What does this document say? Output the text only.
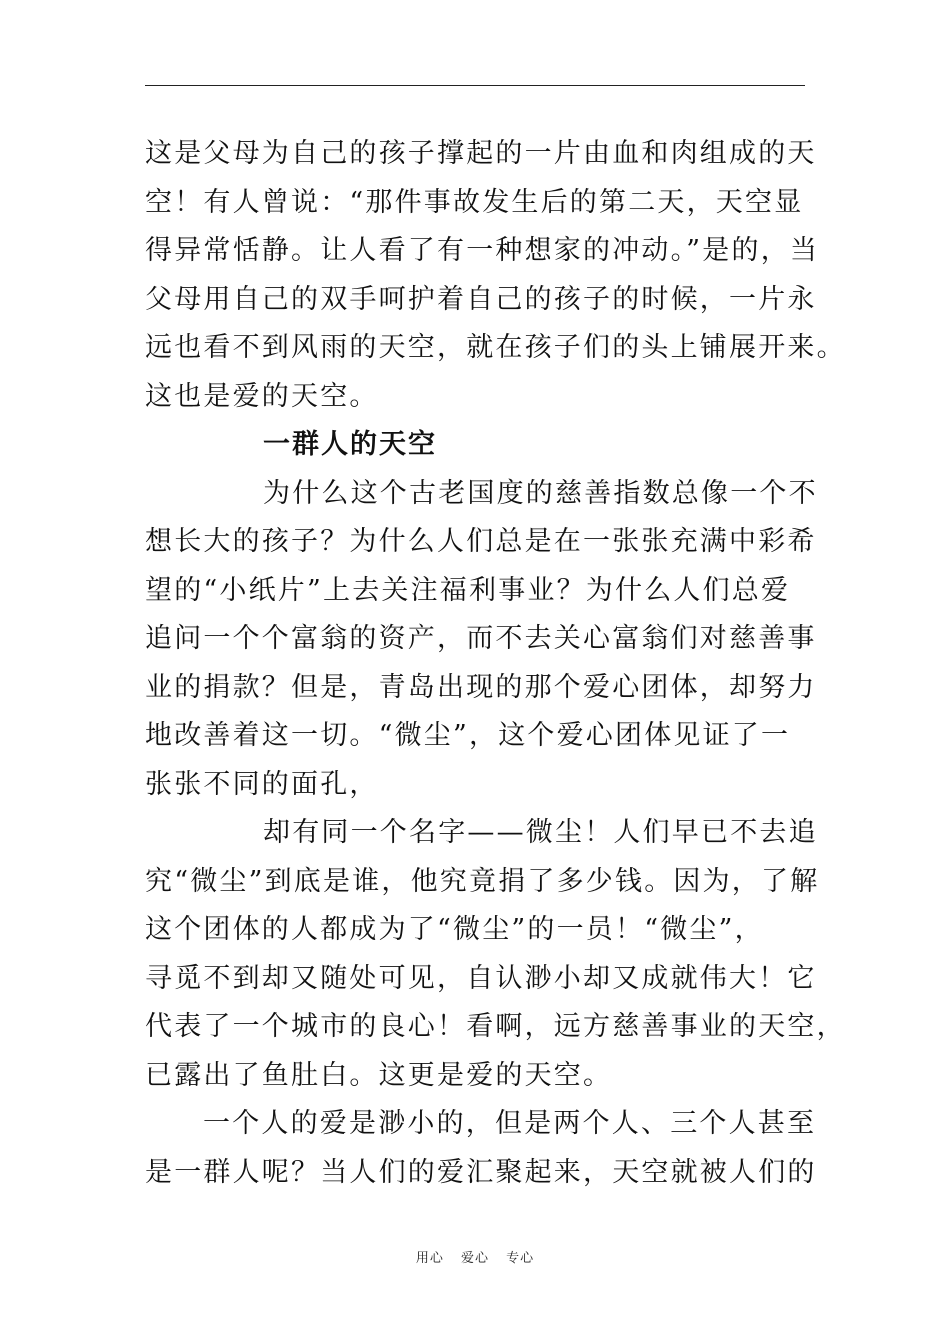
这是父母为自己的孩子撑起的一片由血和肉组成的天
空！有人曾说：“那件事故发生后的第二天，天空显
得异常恬静。让人看了有一种想家的冲动。”是的，当
父母用自己的双手呵护着自己的孩子的时候，一片永
远也看不到风雨的天空，就在孩子们的头上铺展开来。
这也是爱的天空。
一群人的天空
为什么这个古老国度的慈善指数总像一个不
想长大的孩子？为什么人们总是在一张张充满中彩希
望的“小纸片”上去关注福利事业？为什么人们总爱
追问一个个富翁的资产，而不去关心富翁们对慈善事
业的捐款？但是，青岛出现的那个爱心团体，却努力
地改善着这一切。“微尘”，这个爱心团体见证了一
张张不同的面孔，
却有同一个名字——微尘！人们早已不去追
究“微尘”到底是谁，他究竟捐了多少钱。因为，了解
这个团体的人都成为了“微尘”的一员！“微尘”，
寻觅不到却又随处可见，自认渺小却又成就伟大！它
代表了一个城市的良心！看啊，远方慈善事业的天空，
已露出了鱼肚白。这更是爱的天空。
一个人的爱是渺小的，但是两个人、三个人甚至
是一群人呢？当人们的爱汇聚起来，天空就被人们的
用心 爱心 专心
